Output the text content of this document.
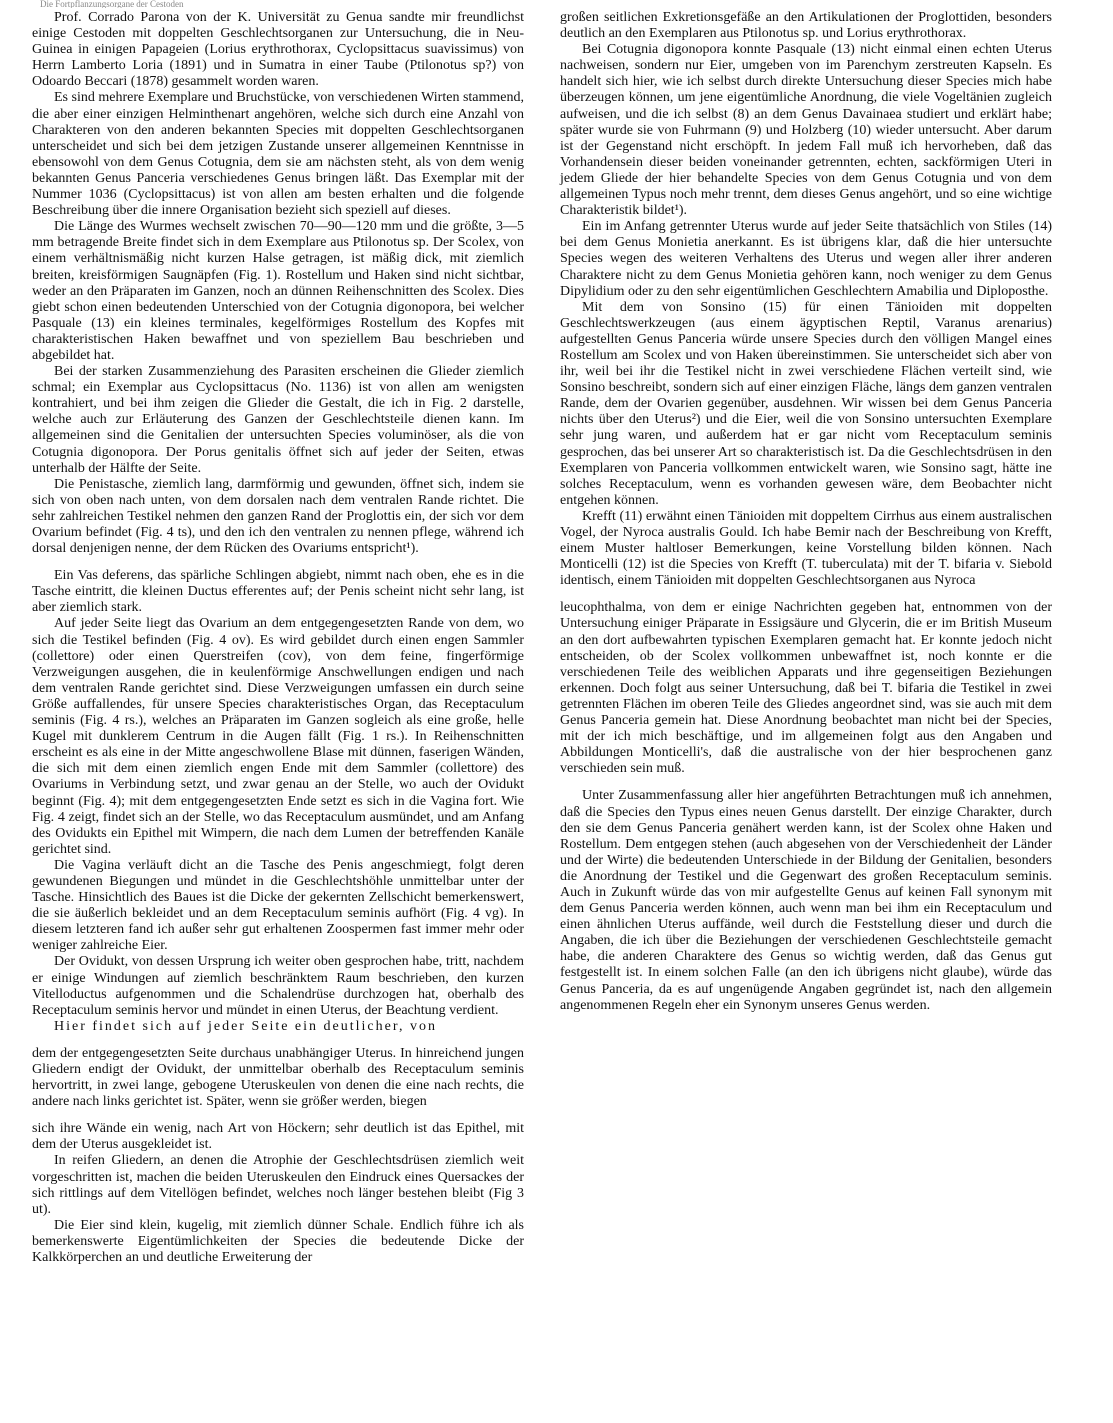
Die Fortpflanzungsorgane der Cestoden

Prof. Corrado Parona von der K. Universität zu Genua sandte mir freundlichst einige Cestoden mit doppelten Geschlechtsorganen zur Untersuchung, die in Neu-Guinea in einigen Papageien (Lorius erythrothorax, Cyclopsittacus suavissimus) von Herrn Lamberto Loria (1891) und in Sumatra in einer Taube (Ptilonotus sp?) von Odoardo Beccari (1878) gesammelt worden waren.

Es sind mehrere Exemplare und Bruchstücke, von verschiedenen Wirten stammend, die aber einer einzigen Helminthenart angehören, welche sich durch eine Anzahl von Charakteren von den anderen bekannten Species mit doppelten Geschlechtsorganen unterscheidet und sich bei dem jetzigen Zustande unserer allgemeinen Kenntnisse in ebensowohl von dem Genus Cotugnia, dem sie am nächsten steht, als von dem wenig bekannten Genus Panceria verschiedenes Genus bringen läßt. Das Exemplar mit der Nummer 1036 (Cyclopsittacus) ist von allen am besten erhalten und die folgende Beschreibung über die innere Organisation bezieht sich speziell auf dieses.

Die Länge des Wurmes wechselt zwischen 70—90—120 mm und die größte, 3—5 mm betragende Breite findet sich in dem Exemplare aus Ptilonotus sp. Der Scolex, von einem verhältnismäßig nicht kurzen Halse getragen, ist mäßig dick, mit ziemlich breiten, kreisförmigen Saugnäpfen (Fig. 1). Rostellum und Haken sind nicht sichtbar, weder an den Präparaten im Ganzen, noch an dünnen Reihenschnitten des Scolex. Dies giebt schon einen bedeutenden Unterschied von der Cotugnia digonopora, bei welcher Pasquale (13) ein kleines terminales, kegelförmiges Rostellum des Kopfes mit charakteristischen Haken bewaffnet und von speziellem Bau beschrieben und abgebildet hat.

Bei der starken Zusammenziehung des Parasiten erscheinen die Glieder ziemlich schmal; ein Exemplar aus Cyclopsittacus (No. 1136) ist von allen am wenigsten kontrahiert, und bei ihm zeigen die Glieder die Gestalt, die ich in Fig. 2 darstelle, welche auch zur Erläuterung des Ganzen der Geschlechtsteile dienen kann. Im allgemeinen sind die Genitalien der untersuchten Species voluminöser, als die von Cotugnia digonopora. Der Porus genitalis öffnet sich auf jeder der Seiten, etwas unterhalb der Hälfte der Seite.

Die Penistasche, ziemlich lang, darmförmig und gewunden, öffnet sich, indem sie sich von oben nach unten, von dem dorsalen nach dem ventralen Rande richtet. Die sehr zahlreichen Testikel nehmen den ganzen Rand der Proglottis ein, der sich vor dem Ovarium befindet (Fig. 4 ts), und den ich den ventralen zu nennen pflege, während ich dorsal denjenigen nenne, der dem Rücken des Ovariums entspricht¹).

Ein Vas deferens, das spärliche Schlingen abgiebt, nimmt nach oben, ehe es in die Tasche eintritt, die kleinen Ductus efferentes auf; der Penis scheint nicht sehr lang, ist aber ziemlich stark.

Auf jeder Seite liegt das Ovarium an dem entgegengesetzten Rande von dem, wo sich die Testikel befinden (Fig. 4 ov). Es wird gebildet durch einen engen Sammler (collettore) oder einen Querstreifen (cov), von dem feine, fingerförmige Verzweigungen ausgehen, die in keulenförmige Anschwellungen endigen und nach dem ventralen Rande gerichtet sind. Diese Verzweigungen umfassen ein durch seine Größe auffallendes, für unsere Species charakteristisches Organ, das Receptaculum seminis (Fig. 4 rs.), welches an Präparaten im Ganzen sogleich als eine große, helle Kugel mit dunklerem Centrum in die Augen fällt (Fig. 1 rs.). In Reihenschnitten erscheint es als eine in der Mitte angeschwollene Blase mit dünnen, faserigen Wänden, die sich mit dem einen ziemlich engen Ende mit dem Sammler (collettore) des Ovariums in Verbindung setzt, und zwar genau an der Stelle, wo auch der Ovidukt beginnt (Fig. 4); mit dem entgegengesetzten Ende setzt es sich in die Vagina fort. Wie Fig. 4 zeigt, findet sich an der Stelle, wo das Receptaculum ausmündet, und am Anfang des Ovidukts ein Epithel mit Wimpern, die nach dem Lumen der betreffenden Kanäle gerichtet sind.

Die Vagina verläuft dicht an die Tasche des Penis angeschmiegt, folgt deren gewundenen Biegungen und mündet in die Geschlechtshöhle unmittelbar unter der Tasche. Hinsichtlich des Baues ist die Dicke der gekernten Zellschicht bemerkenswert, die sie äußerlich bekleidet und an dem Receptaculum seminis aufhört (Fig. 4 vg). In diesem letzteren fand ich außer sehr gut erhaltenen Zoospermen fast immer mehr oder weniger zahlreiche Eier.

Der Ovidukt, von dessen Ursprung ich weiter oben gesprochen habe, tritt, nachdem er einige Windungen auf ziemlich beschränktem Raum beschrieben, den kurzen Vitelloductus aufgenommen und die Schalendrüse durchzogen hat, oberhalb des Receptaculum seminis hervor und mündet in einen Uterus, der Beachtung verdient.

Hier findet sich auf jeder Seite ein deutlicher, von

dem der entgegengesetzten Seite durchaus unabhängiger Uterus. In hinreichend jungen Gliedern endigt der Ovidukt, der unmittelbar oberhalb des Receptaculum seminis hervortritt, in zwei lange, gebogene Uteruskeulen von denen die eine nach rechts, die andere nach links gerichtet ist. Später, wenn sie größer werden, biegen

sich ihre Wände ein wenig, nach Art von Höckern; sehr deutlich ist das Epithel, mit dem der Uterus ausgekleidet ist.

In reifen Gliedern, an denen die Atrophie der Geschlechtsdrüsen ziemlich weit vorgeschritten ist, machen die beiden Uteruskeulen den Eindruck eines Quersackes der sich rittlings auf dem Vitellögen befindet, welches noch länger bestehen bleibt (Fig 3 ut).

Die Eier sind klein, kugelig, mit ziemlich dünner Schale. Endlich führe ich als bemerkenswerte Eigentümlichkeiten der Species die bedeutende Dicke der Kalkkörperchen an und deutliche Erweiterung der

großen seitlichen Exkretionsgefäße an den Artikulationen der Proglottiden, besonders deutlich an den Exemplaren aus Ptilonotus sp. und Lorius erythrothorax.

Bei Cotugnia digonopora konnte Pasquale (13) nicht einmal einen echten Uterus nachweisen, sondern nur Eier, umgeben von im Parenchym zerstreuten Kapseln. Es handelt sich hier, wie ich selbst durch direkte Untersuchung dieser Species mich habe überzeugen können, um jene eigentümliche Anordnung, die viele Vogeltänien zugleich aufweisen, und die ich selbst (8) an dem Genus Davainaea studiert und erklärt habe; später wurde sie von Fuhrmann (9) und Holzberg (10) wieder untersucht. Aber darum ist der Gegenstand nicht erschöpft. In jedem Fall muß ich hervorheben, daß das Vorhandensein dieser beiden voneinander getrennten, echten, sackförmigen Uteri in jedem Gliede der hier behandelte Species von dem Genus Cotugnia und von dem allgemeinen Typus noch mehr trennt, dem dieses Genus angehört, und so eine wichtige Charakteristik bildet¹).

Ein im Anfang getrennter Uterus wurde auf jeder Seite thatsächlich von Stiles (14) bei dem Genus Monietia anerkannt. Es ist übrigens klar, daß die hier untersuchte Species wegen des weiteren Verhaltens des Uterus und wegen aller ihrer anderen Charaktere nicht zu dem Genus Monietia gehören kann, noch weniger zu dem Genus Dipylidium oder zu den sehr eigentümlichen Geschlechtern Amabilia und Diploposthe.

Mit dem von Sonsino (15) für einen Tänioiden mit doppelten Geschlechtswerkzeugen (aus einem ägyptischen Reptil, Varanus arenarius) aufgestellten Genus Panceria würde unsere Species durch den völligen Mangel eines Rostellum am Scolex und von Haken übereinstimmen. Sie unterscheidet sich aber von ihr, weil bei ihr die Testikel nicht in zwei verschiedene Flächen verteilt sind, wie Sonsino beschreibt, sondern sich auf einer einzigen Fläche, längs dem ganzen ventralen Rande, dem der Ovarien gegenüber, ausdehnen. Wir wissen bei dem Genus Panceria nichts über den Uterus²) und die Eier, weil die von Sonsino untersuchten Exemplare sehr jung waren, und außerdem hat er gar nicht vom Receptaculum seminis gesprochen, das bei unserer Art so charakteristisch ist. Da die Geschlechtsdrüsen in den Exemplaren von Panceria vollkommen entwickelt waren, wie Sonsino sagt, hätte ine solches Receptaculum, wenn es vorhanden gewesen wäre, dem Beobachter nicht entgehen können.

Krefft (11) erwähnt einen Tänioiden mit doppeltem Cirrhus aus einem australischen Vogel, der Nyroca australis Gould. Ich habe Bemir nach der Beschreibung von Krefft, einem Muster haltloser Bemerkungen, keine Vorstellung bilden können. Nach Monticelli (12) ist die Species von Krefft (T. tuberculata) mit der T. bifaria v. Siebold identisch, einem Tänioiden mit doppelten Geschlechtsorganen aus Nyroca

leucophthalma, von dem er einige Nachrichten gegeben hat, entnommen von der Untersuchung einiger Präparate in Essigsäure und Glycerin, die er im British Museum an den dort aufbewahrten typischen Exemplaren gemacht hat. Er konnte jedoch nicht entscheiden, ob der Scolex vollkommen unbewaffnet ist, noch konnte er die verschiedenen Teile des weiblichen Apparats und ihre gegenseitigen Beziehungen erkennen. Doch folgt aus seiner Untersuchung, daß bei T. bifaria die Testikel in zwei getrennten Flächen im oberen Teile des Gliedes angeordnet sind, was sie auch mit dem Genus Panceria gemein hat. Diese Anordnung beobachtet man nicht bei der Species, mit der ich mich beschäftige, und im allgemeinen folgt aus den Angaben und Abbildungen Monticelli's, daß die australische von der hier besprochenen ganz verschieden sein muß.

Unter Zusammenfassung aller hier angeführten Betrachtungen muß ich annehmen, daß die Species den Typus eines neuen Genus darstellt. Der einzige Charakter, durch den sie dem Genus Panceria genähert werden kann, ist der Scolex ohne Haken und Rostellum. Dem entgegen stehen (auch abgesehen von der Verschiedenheit der Länder und der Wirte) die bedeutenden Unterschiede in der Bildung der Genitalien, besonders die Anordnung der Testikel und die Gegenwart des großen Receptaculum seminis. Auch in Zukunft würde das von mir aufgestellte Genus auf keinen Fall synonym mit dem Genus Panceria werden können, auch wenn man bei ihm ein Receptaculum und einen ähnlichen Uterus auffände, weil durch die Feststellung dieser und durch die Angaben, die ich über die Beziehungen der verschiedenen Geschlechtsteile gemacht habe, die anderen Charaktere des Genus so wichtig werden, daß das Genus gut festgestellt ist. In einem solchen Falle (an den ich übrigens nicht glaube), würde das Genus Panceria, da es auf ungenügende Angaben gegründet ist, nach den allgemein angenommenen Regeln eher ein Synonym unseres Genus werden.
